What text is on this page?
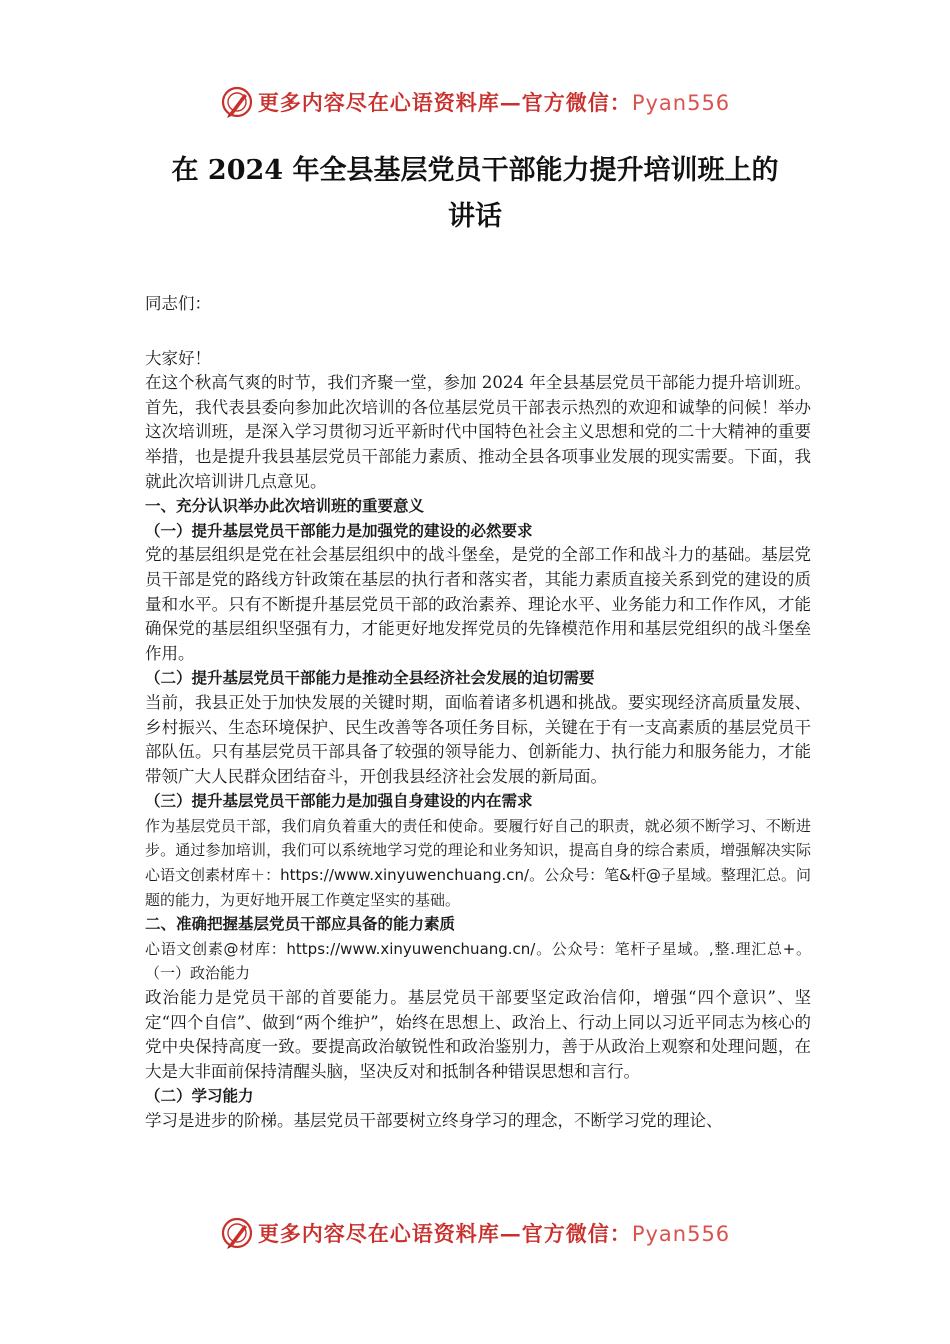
更多内容尽在心语资料库—官方微信：Pyan556
在 2024 年全县基层党员干部能力提升培训班上的
讲话

同志们：

大家好！

在这个秋高气爽的时节，我们齐聚一堂，参加 2024 年全县基层党员干部能力提升培训班。首先，我代表县委向参加此次培训的各位基层党员干部表示热烈的欢迎和诚挚的问候！举办这次培训班，是深入学习贯彻习近平新时代中国特色社会主义思想和党的二十大精神的重要举措，也是提升我县基层党员干部能力素质、推动全县各项事业发展的现实需要。下面，我就此次培训讲几点意见。

一、充分认识举办此次培训班的重要意义

（一）提升基层党员干部能力是加强党的建设的必然要求

党的基层组织是党在社会基层组织中的战斗堡垒，是党的全部工作和战斗力的基础。基层党员干部是党的路线方针政策在基层的执行者和落实者，其能力素质直接关系到党的建设的质量和水平。只有不断提升基层党员干部的政治素养、理论水平、业务能力和工作作风，才能确保党的基层组织坚强有力，才能更好地发挥党员的先锋模范作用和基层党组织的战斗堡垒作用。

（二）提升基层党员干部能力是推动全县经济社会发展的迫切需要

当前，我县正处于加快发展的关键时期，面临着诸多机遇和挑战。要实现经济高质量发展、乡村振兴、生态环境保护、民生改善等各项任务目标，关键在于有一支高素质的基层党员干部队伍。只有基层党员干部具备了较强的领导能力、创新能力、执行能力和服务能力，才能带领广大人民群众团结奋斗，开创我县经济社会发展的新局面。

（三）提升基层党员干部能力是加强自身建设的内在需求

作为基层党员干部，我们肩负着重大的责任和使命。要履行好自己的职责，就必须不断学习、不断进步。通过参加培训，我们可以系统地学习党的理论和业务知识，提高自身的综合素质，增强解决实际心语文创素材库＋：https://www.xinyuwenchuang.cn/。公众号：笔&杆@子星域。整理汇总。问题的能力，为更好地开展工作奠定坚实的基础。

二、准确把握基层党员干部应具备的能力素质

心语文创素@材库：https://www.xinyuwenchuang.cn/。公众号：笔杆子星域。,整.理汇总+。（一）政治能力

政治能力是党员干部的首要能力。基层党员干部要坚定政治信仰，增强“四个意识”、坚定“四个自信”、做到“两个维护”，始终在思想上、政治上、行动上同以习近平同志为核心的党中央保持高度一致。要提高政治敏锐性和政治鉴别力，善于从政治上观察和处理问题，在大是大非面前保持清醒头脑，坚决反对和抵制各种错误思想和言行。

（二）学习能力

学习是进步的阶梯。基层党员干部要树立终身学习的理念，不断学习党的理论、

更多内容尽在心语资料库—官方微信：Pyan556
